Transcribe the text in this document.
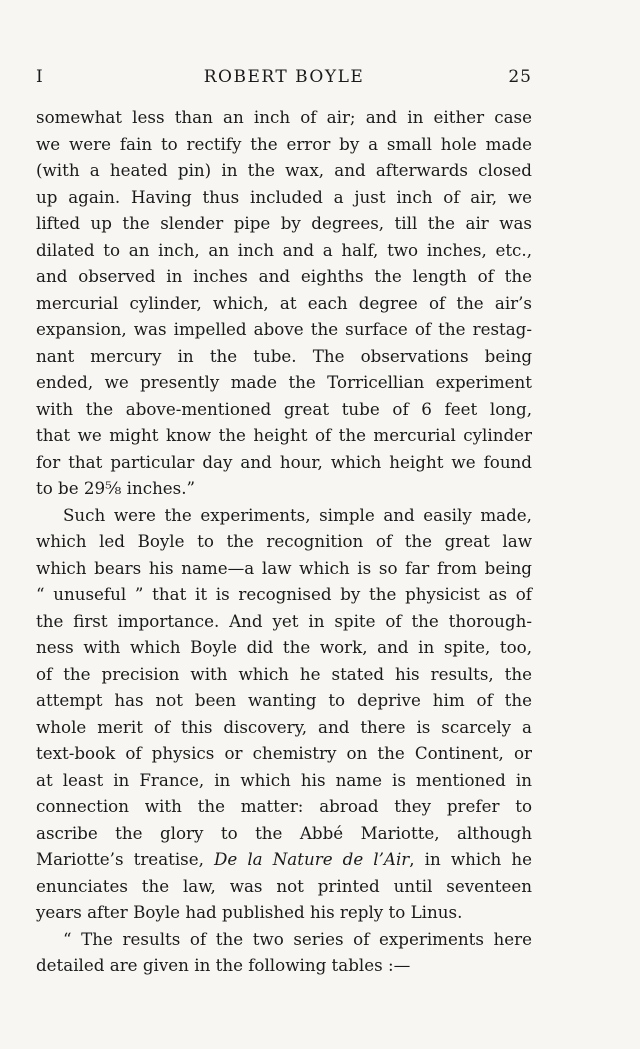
I	ROBERT BOYLE	25
somewhat less than an inch of air; and in either case
we were fain to rectify the error by a small hole made
(with a heated pin) in the wax, and afterwards closed
up again. Having thus included a just inch of air, we
lifted up the slender pipe by degrees, till the air was
dilated to an inch, an inch and a half, two inches, etc.,
and observed in inches and eighths the length of the
mercurial cylinder, which, at each degree of the air’s
expansion, was impelled above the surface of the restag-
nant mercury in the tube. The observations being
ended, we presently made the Torricellian experiment
with the above-mentioned great tube of 6 feet long,
that we might know the height of the mercurial cylinder
for that particular day and hour, which height we found
to be 29⅝ inches.”
Such were the experiments, simple and easily made,
which led Boyle to the recognition of the great law
which bears his name—a law which is so far from being
“ unuseful ” that it is recognised by the physicist as of
the first importance. And yet in spite of the thorough-
ness with which Boyle did the work, and in spite, too,
of the precision with which he stated his results, the
attempt has not been wanting to deprive him of the
whole merit of this discovery, and there is scarcely a
text-book of physics or chemistry on the Continent, or
at least in France, in which his name is mentioned in
connection with the matter: abroad they prefer to
ascribe the glory to the Abbé Mariotte, although
Mariotte’s treatise, De la Nature de l’Air, in which he
enunciates the law, was not printed until seventeen
years after Boyle had published his reply to Linus.
“ The results of the two series of experiments here
detailed are given in the following tables :—
